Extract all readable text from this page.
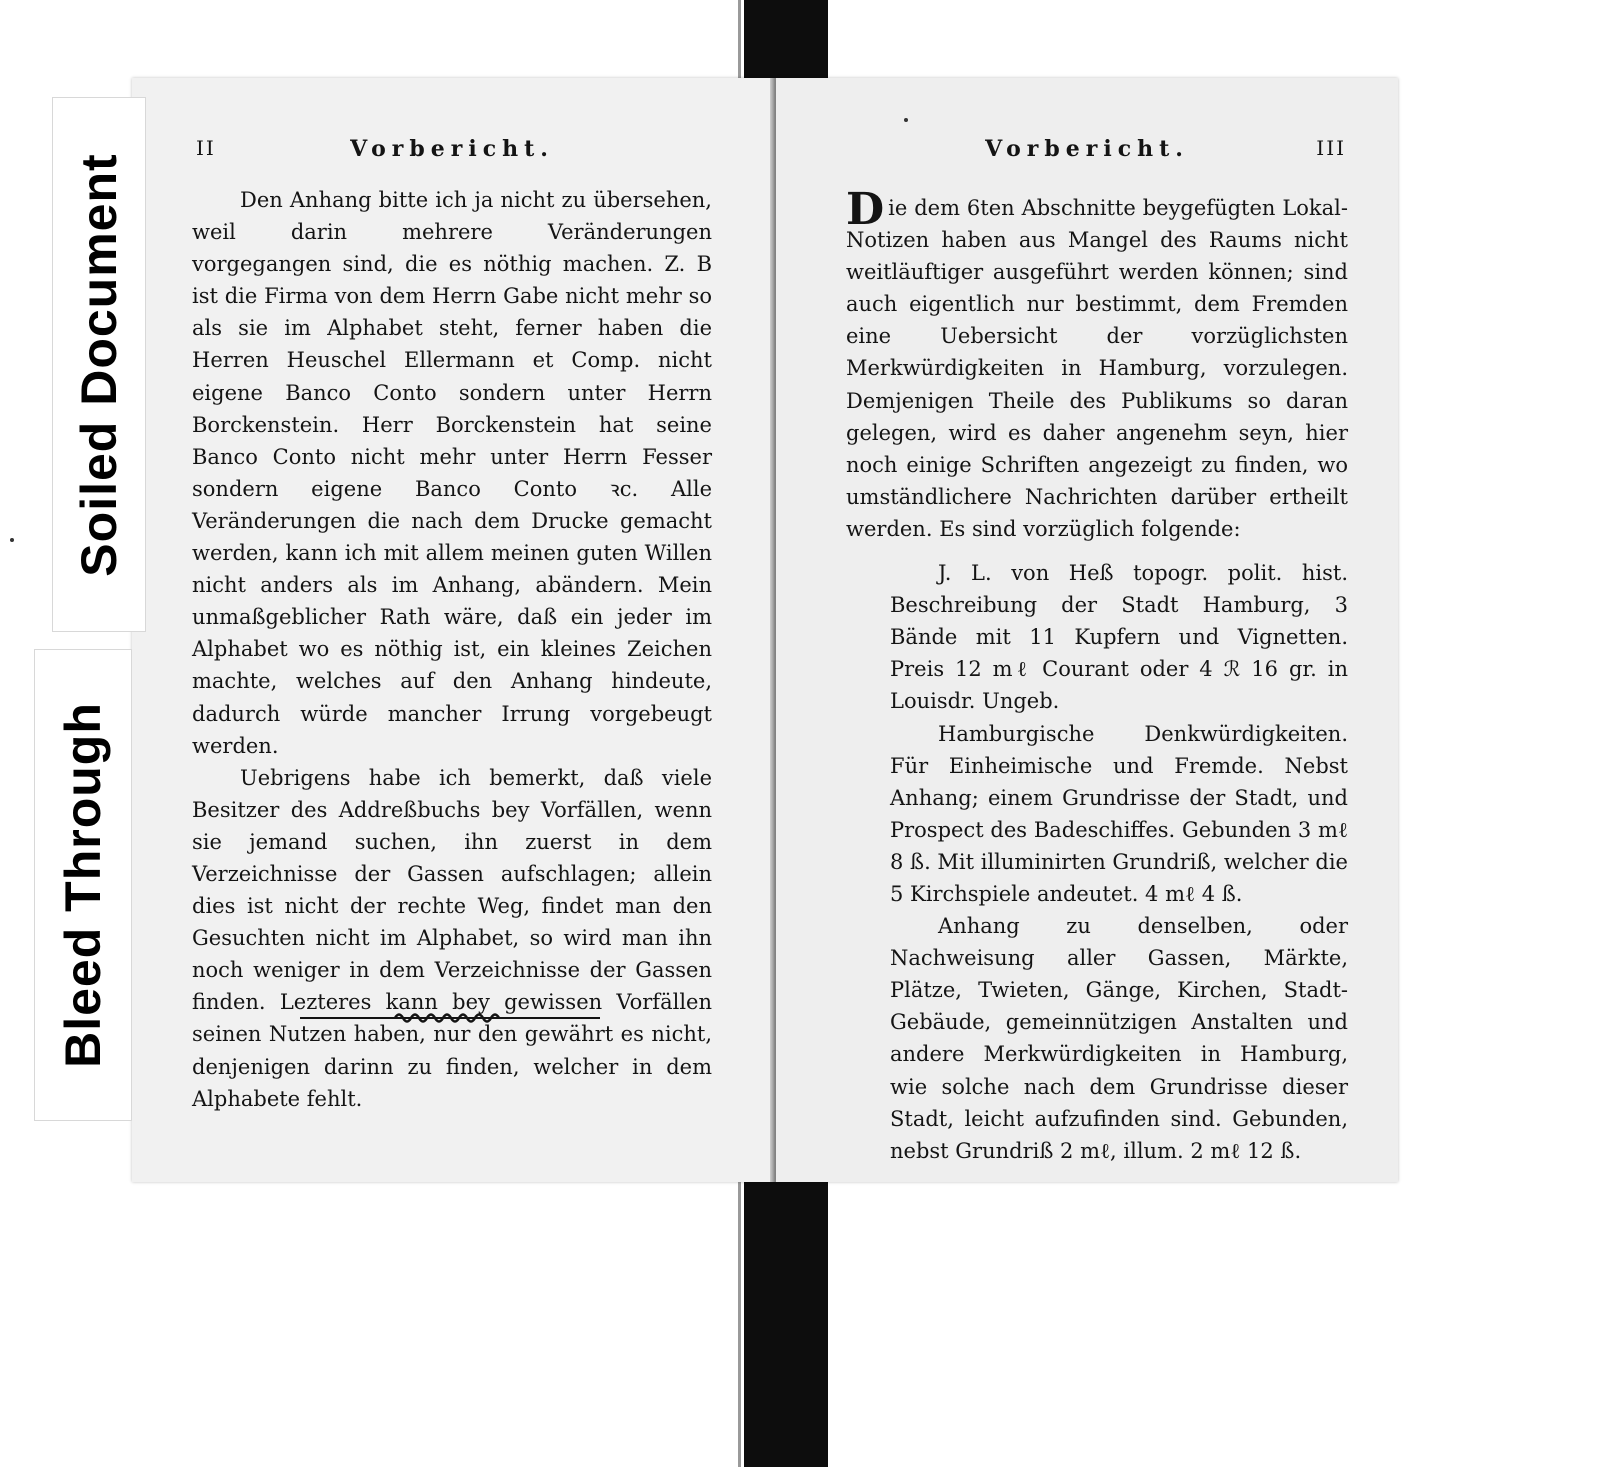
II	Vorbericht.

Den Anhang bitte ich ja nicht zu übersehen, weil darin mehrere Veränderungen vorgegangen sind, die es nöthig machen. Z. B ist die Firma von dem Herrn Gabe nicht mehr so als sie im Alphabet steht, ferner haben die Herren Heuschel Ellermann et Comp. nicht eigene Banco Conto sondern unter Herrn Borckenstein. Herr Borckenstein hat seine Banco Conto nicht mehr unter Herrn Fesser sondern eigene Banco Conto ꝛc. Alle Veränderungen die nach dem Drucke gemacht werden, kann ich mit allem meinen guten Willen nicht anders als im Anhang, abändern. Mein unmaßgeblicher Rath wäre, daß ein jeder im Alphabet wo es nöthig ist, ein kleines Zeichen machte, welches auf den Anhang hindeute, dadurch würde mancher Irrung vorgebeugt werden.

Uebrigens habe ich bemerkt, daß viele Besitzer des Addreßbuchs bey Vorfällen, wenn sie jemand suchen, ihn zuerst in dem Verzeichnisse der Gassen aufschlagen; allein dies ist nicht der rechte Weg, findet man den Gesuchten nicht im Alphabet, so wird man ihn noch weniger in dem Verzeichnisse der Gassen finden. Lezteres kann bey gewissen Vorfällen seinen Nutzen haben, nur den gewährt es nicht, denjenigen darinn zu finden, welcher in dem Alphabete fehlt.

Vorbericht.	III

Die dem 6ten Abschnitte beygefügten Lokal-Notizen haben aus Mangel des Raums nicht weitläuftiger ausgeführt werden können; sind auch eigentlich nur bestimmt, dem Fremden eine Uebersicht der vorzüglichsten Merkwürdigkeiten in Hamburg, vorzulegen. Demjenigen Theile des Publikums so daran gelegen, wird es daher angenehm seyn, hier noch einige Schriften angezeigt zu finden, wo umständlichere Nachrichten darüber ertheilt werden. Es sind vorzüglich folgende:

J. L. von Heß topogr. polit. hist. Beschreibung der Stadt Hamburg, 3 Bände mit 11 Kupfern und Vignetten. Preis 12 mℓ Courant oder 4 ℛ 16 gr. in Louisdr. Ungeb.

Hamburgische Denkwürdigkeiten. Für Einheimische und Fremde. Nebst Anhang; einem Grundrisse der Stadt, und Prospect des Badeschiffes. Gebunden 3 mℓ 8 ß. Mit illuminirten Grundriß, welcher die 5 Kirchspiele andeutet. 4 mℓ 4 ß.

Anhang zu denselben, oder Nachweisung aller Gassen, Märkte, Plätze, Twieten, Gänge, Kirchen, Stadt-Gebäude, gemeinnützigen Anstalten und andere Merkwürdigkeiten in Hamburg, wie solche nach dem Grundrisse dieser Stadt, leicht aufzufinden sind. Gebunden, nebst Grundriß 2 mℓ, illum. 2 mℓ 12 ß.

Soiled Document
Bleed Through
